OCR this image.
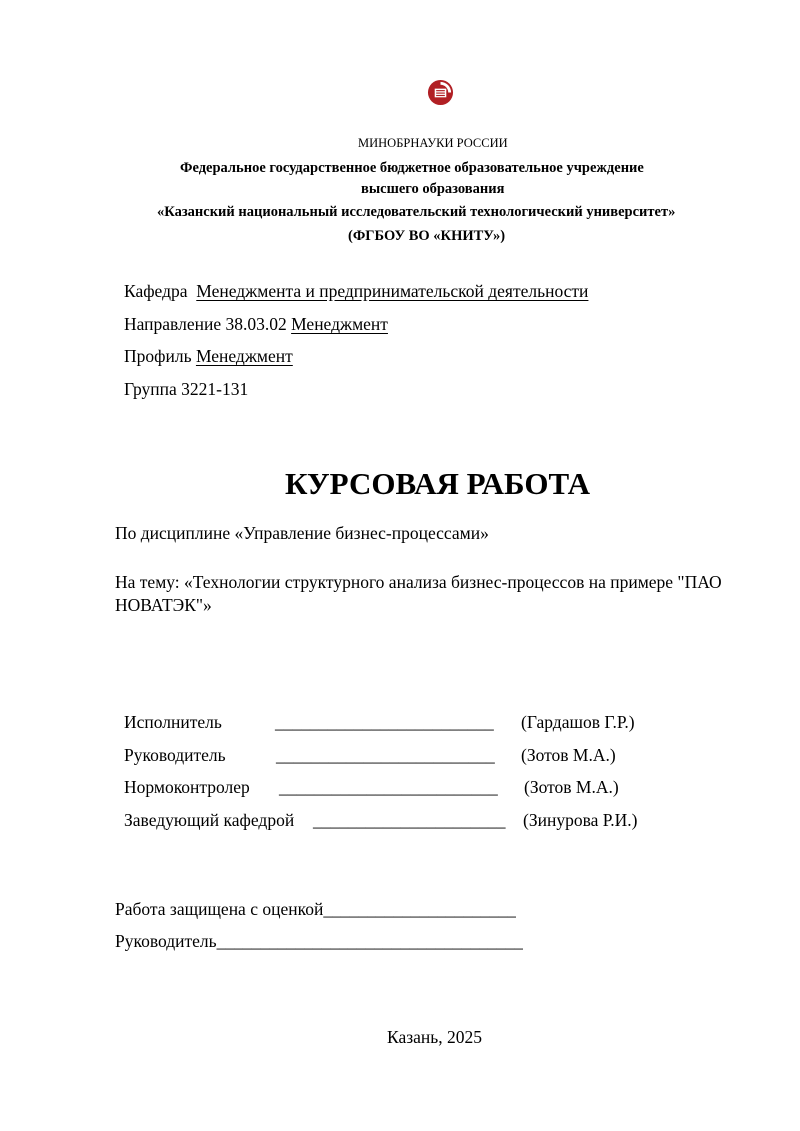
МИНОБРНАУКИ РОССИИ
Федеральное государственное бюджетное образовательное учреждение
высшего образования
«Казанский национальный исследовательский технологический университет»
(ФГБОУ ВО «КНИТУ»)
Кафедра Менеджмента и предпринимательской деятельности
Направление 38.03.02 Менеджмент
Профиль Менеджмент
Группа 3221-131
КУРСОВАЯ РАБОТА
По дисциплине «Управление бизнес-процессами»
На тему: «Технологии структурного анализа бизнес-процессов на примере "ПАО
НОВАТЭК"»
Исполнитель	_________________________ (Гардашов Г.Р.)
Руководитель	_________________________ (Зотов М.А.)
Нормоконтролер _________________________ (Зотов М.А.)
Заведующий кафедрой ______________________ (Зинурова Р.И.)
Работа защищена с оценкой______________________
Руководитель___________________________________
Казань, 2025
